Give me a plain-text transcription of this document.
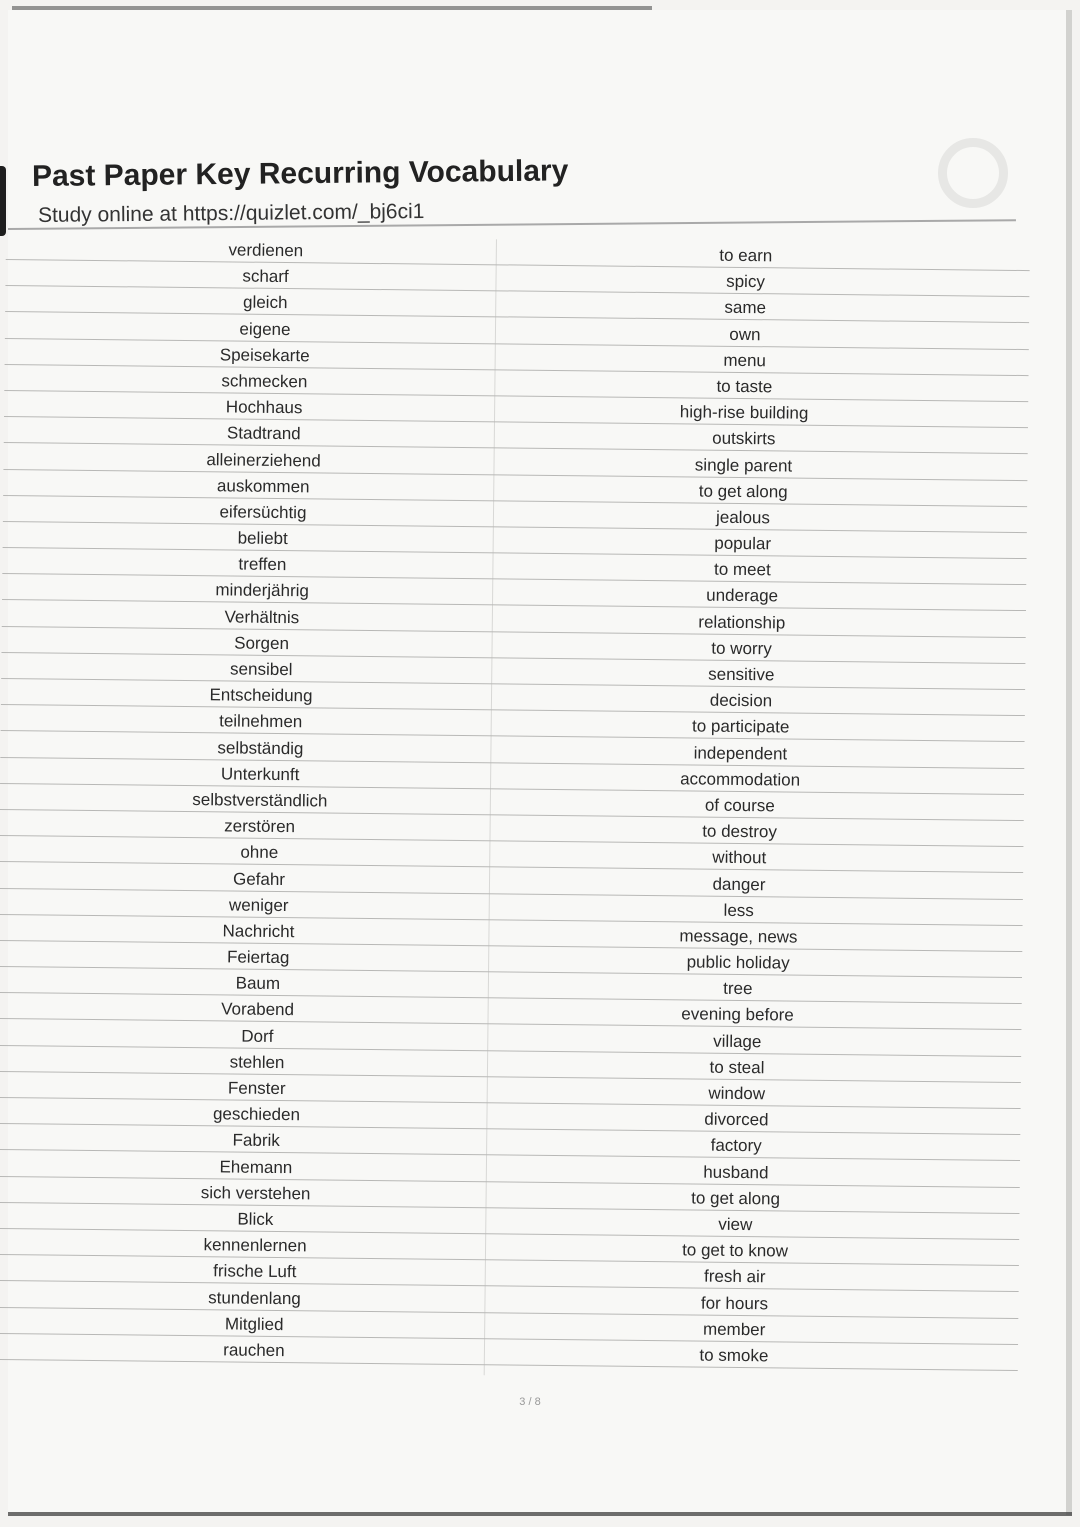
Past Paper Key Recurring Vocabulary
Study online at https://quizlet.com/_bj6ci1
verdienen	to earn
scharf	spicy
gleich	same
eigene	own
Speisekarte	menu
schmecken	to taste
Hochhaus	high-rise building
Stadtrand	outskirts
alleinerziehend	single parent
auskommen	to get along
eifersüchtig	jealous
beliebt	popular
treffen	to meet
minderjährig	underage
Verhältnis	relationship
Sorgen	to worry
sensibel	sensitive
Entscheidung	decision
teilnehmen	to participate
selbständig	independent
Unterkunft	accommodation
selbstverständlich	of course
zerstören	to destroy
ohne	without
Gefahr	danger
weniger	less
Nachricht	message, news
Feiertag	public holiday
Baum	tree
Vorabend	evening before
Dorf	village
stehlen	to steal
Fenster	window
geschieden	divorced
Fabrik	factory
Ehemann	husband
sich verstehen	to get along
Blick	view
kennenlernen	to get to know
frische Luft	fresh air
stundenlang	for hours
Mitglied	member
rauchen	to smoke
3 / 8
